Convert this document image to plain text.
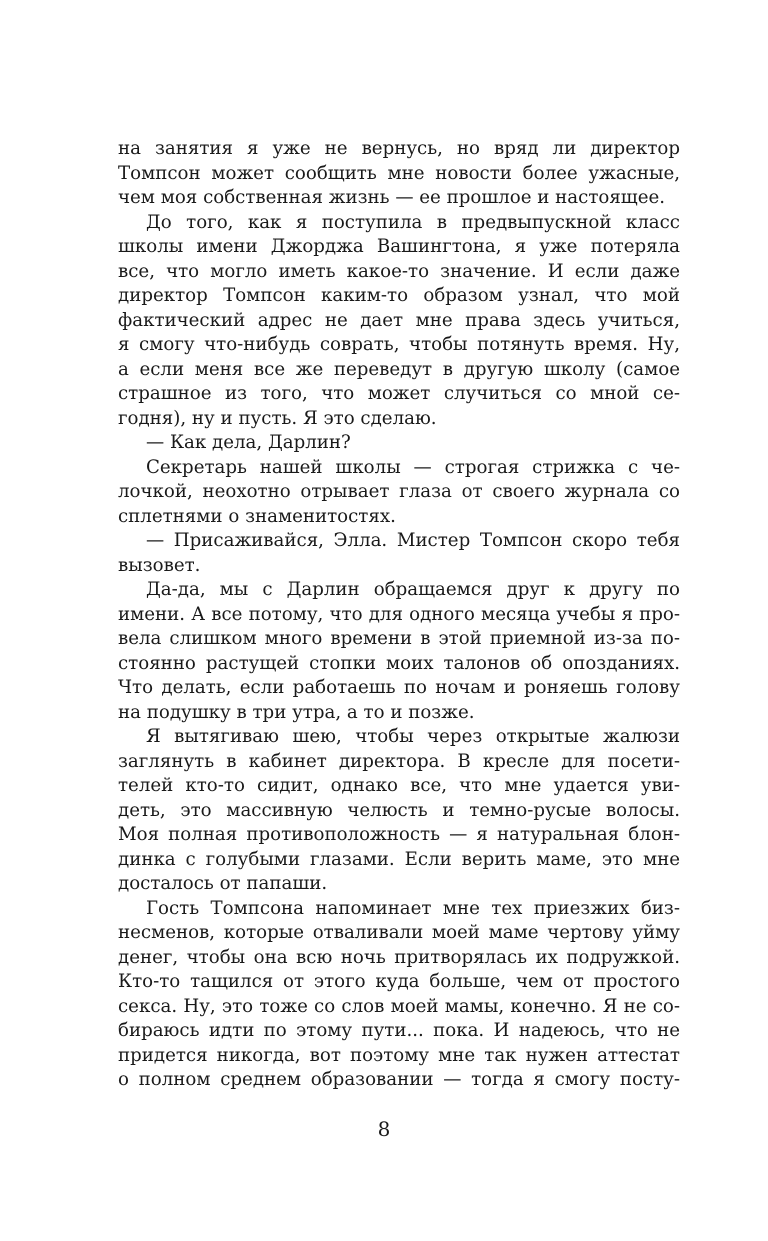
на занятия я уже не вернусь, но вряд ли директор
Томпсон может сообщить мне новости более ужасные,
чем моя собственная жизнь — ее прошлое и настоящее.
До того, как я поступила в предвыпускной класс
школы имени Джорджа Вашингтона, я уже потеряла
все, что могло иметь какое-то значение. И если даже
директор Томпсон каким-то образом узнал, что мой
фактический адрес не дает мне права здесь учиться,
я смогу что-нибудь соврать, чтобы потянуть время. Ну,
а если меня все же переведут в другую школу (самое
страшное из того, что может случиться со мной се-
годня), ну и пусть. Я это сделаю.
— Как дела, Дарлин?
Секретарь нашей школы — строгая стрижка с че-
лочкой, неохотно отрывает глаза от своего журнала со
сплетнями о знаменитостях.
— Присаживайся, Элла. Мистер Томпсон скоро тебя
вызовет.
Да-да, мы с Дарлин обращаемся друг к другу по
имени. А все потому, что для одного месяца учебы я про-
вела слишком много времени в этой приемной из-за по-
стоянно растущей стопки моих талонов об опозданиях.
Что делать, если работаешь по ночам и роняешь голову
на подушку в три утра, а то и позже.
Я вытягиваю шею, чтобы через открытые жалюзи
заглянуть в кабинет директора. В кресле для посети-
телей кто-то сидит, однако все, что мне удается уви-
деть, это массивную челюсть и темно-русые волосы.
Моя полная противоположность — я натуральная блон-
динка с голубыми глазами. Если верить маме, это мне
досталось от папаши.
Гость Томпсона напоминает мне тех приезжих биз-
несменов, которые отваливали моей маме чертову уйму
денег, чтобы она всю ночь притворялась их подружкой.
Кто-то тащился от этого куда больше, чем от простого
секса. Ну, это тоже со слов моей мамы, конечно. Я не со-
бираюсь идти по этому пути... пока. И надеюсь, что не
придется никогда, вот поэтому мне так нужен аттестат
о полном среднем образовании — тогда я смогу посту-
8
